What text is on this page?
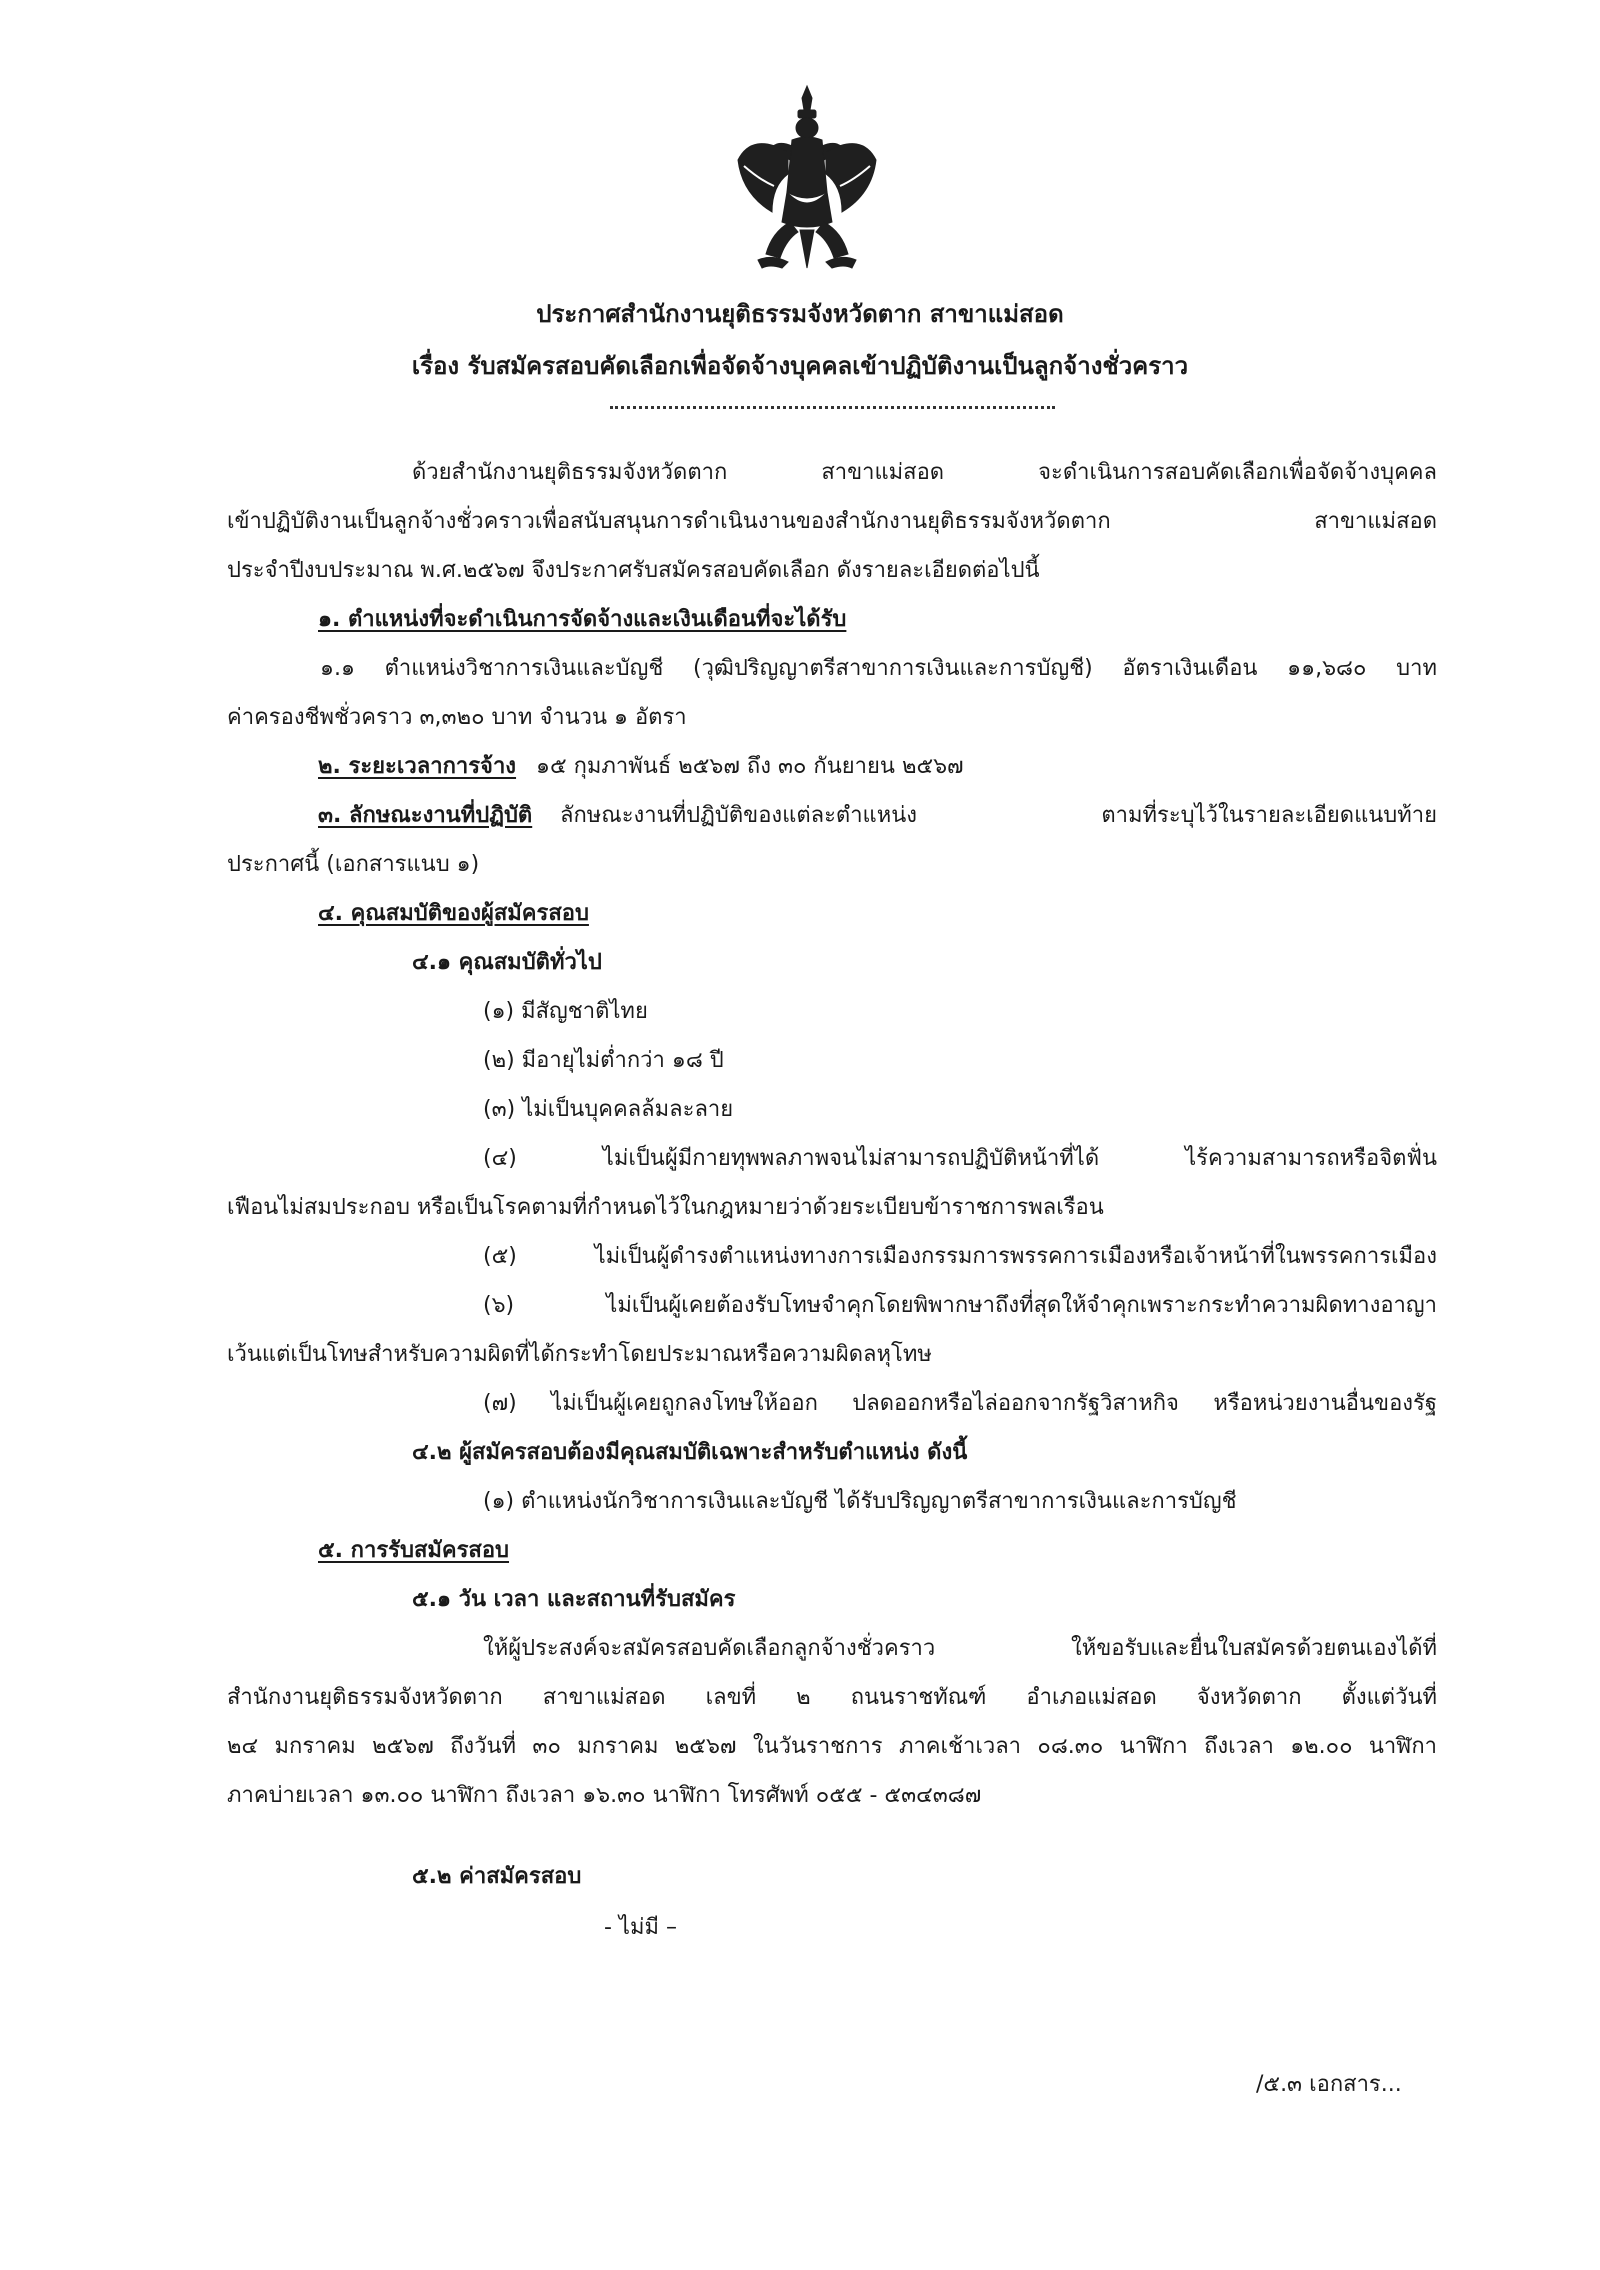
ประกาศสำนักงานยุติธรรมจังหวัดตาก สาขาแม่สอด
เรื่อง รับสมัครสอบคัดเลือกเพื่อจัดจ้างบุคคลเข้าปฏิบัติงานเป็นลูกจ้างชั่วคราว
ด้วยสำนักงานยุติธรรมจังหวัดตาก สาขาแม่สอด จะดำเนินการสอบคัดเลือกเพื่อจัดจ้างบุคคล
เข้าปฏิบัติงานเป็นลูกจ้างชั่วคราวเพื่อสนับสนุนการดำเนินงานของสำนักงานยุติธรรมจังหวัดตาก สาขาแม่สอด
ประจำปีงบประมาณ พ.ศ.๒๕๖๗ จึงประกาศรับสมัครสอบคัดเลือก ดังรายละเอียดต่อไปนี้
๑. ตำแหน่งที่จะดำเนินการจัดจ้างและเงินเดือนที่จะได้รับ
๑.๑ ตำแหน่งวิชาการเงินและบัญชี (วุฒิปริญญาตรีสาขาการเงินและการบัญชี) อัตราเงินเดือน ๑๑,๖๘๐ บาท
ค่าครองชีพชั่วคราว ๓,๓๒๐ บาท จำนวน ๑ อัตรา
๒. ระยะเวลาการจ้าง ๑๕ กุมภาพันธ์ ๒๕๖๗ ถึง ๓๐ กันยายน ๒๕๖๗
๓. ลักษณะงานที่ปฏิบัติ ลักษณะงานที่ปฏิบัติของแต่ละตำแหน่ง ตามที่ระบุไว้ในรายละเอียดแนบท้าย
ประกาศนี้ (เอกสารแนบ ๑)
๔. คุณสมบัติของผู้สมัครสอบ
๔.๑ คุณสมบัติทั่วไป
(๑) มีสัญชาติไทย
(๒) มีอายุไม่ต่ำกว่า ๑๘ ปี
(๓) ไม่เป็นบุคคลล้มละลาย
(๔) ไม่เป็นผู้มีกายทุพพลภาพจนไม่สามารถปฏิบัติหน้าที่ได้ ไร้ความสามารถหรือจิตฟั่น
เฟือนไม่สมประกอบ หรือเป็นโรคตามที่กำหนดไว้ในกฎหมายว่าด้วยระเบียบข้าราชการพลเรือน
(๕) ไม่เป็นผู้ดำรงตำแหน่งทางการเมืองกรรมการพรรคการเมืองหรือเจ้าหน้าที่ในพรรคการเมือง
(๖) ไม่เป็นผู้เคยต้องรับโทษจำคุกโดยพิพากษาถึงที่สุดให้จำคุกเพราะกระทำความผิดทางอาญา
เว้นแต่เป็นโทษสำหรับความผิดที่ได้กระทำโดยประมาณหรือความผิดลหุโทษ
(๗) ไม่เป็นผู้เคยถูกลงโทษให้ออก ปลดออกหรือไล่ออกจากรัฐวิสาหกิจ หรือหน่วยงานอื่นของรัฐ
๔.๒ ผู้สมัครสอบต้องมีคุณสมบัติเฉพาะสำหรับตำแหน่ง ดังนี้
(๑) ตำแหน่งนักวิชาการเงินและบัญชี ได้รับปริญญาตรีสาขาการเงินและการบัญชี
๕. การรับสมัครสอบ
๕.๑ วัน เวลา และสถานที่รับสมัคร
ให้ผู้ประสงค์จะสมัครสอบคัดเลือกลูกจ้างชั่วคราว ให้ขอรับและยื่นใบสมัครด้วยตนเองได้ที่
สำนักงานยุติธรรมจังหวัดตาก สาขาแม่สอด เลขที่ ๒ ถนนราชทัณฑ์ อำเภอแม่สอด จังหวัดตาก ตั้งแต่วันที่
๒๔ มกราคม ๒๕๖๗ ถึงวันที่ ๓๐ มกราคม ๒๕๖๗ ในวันราชการ ภาคเช้าเวลา ๐๘.๓๐ นาฬิกา ถึงเวลา ๑๒.๐๐ นาฬิกา
ภาคบ่ายเวลา ๑๓.๐๐ นาฬิกา ถึงเวลา ๑๖.๓๐ นาฬิกา โทรศัพท์ ๐๕๕ - ๕๓๔๓๘๗
๕.๒ ค่าสมัครสอบ
- ไม่มี –
/๕.๓ เอกสาร...
